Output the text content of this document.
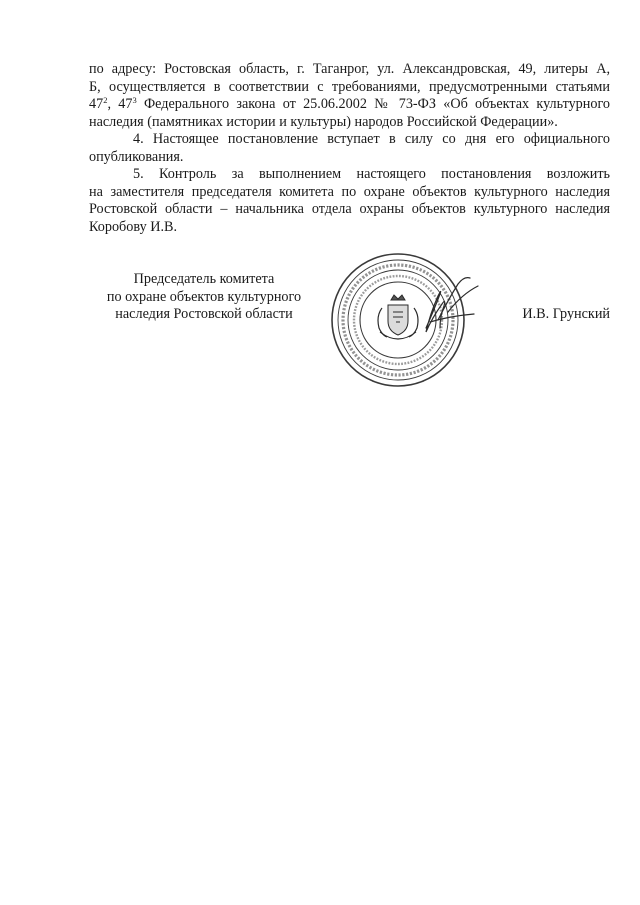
по адресу: Ростовская область, г. Таганрог, ул. Александровская, 49, литеры А,

Б, осуществляется в соответствии с требованиями, предусмотренными статьями

$47^2$, $47^3$ Федерального закона от 25.06.2002 № 73-ФЗ «Об объектах культурного

наследия (памятниках истории и культуры) народов Российской Федерации».

4. Настоящее постановление вступает в силу со дня его официального

опубликования.

5. Контроль за выполнением настоящего постановления возложить

на заместителя председателя комитета по охране объектов культурного наследия

Ростовской области – начальника отдела охраны объектов культурного наследия

Коробову И.В.

Председатель комитета
по охране объектов культурного
наследия Ростовской области	И.В. Грунский
